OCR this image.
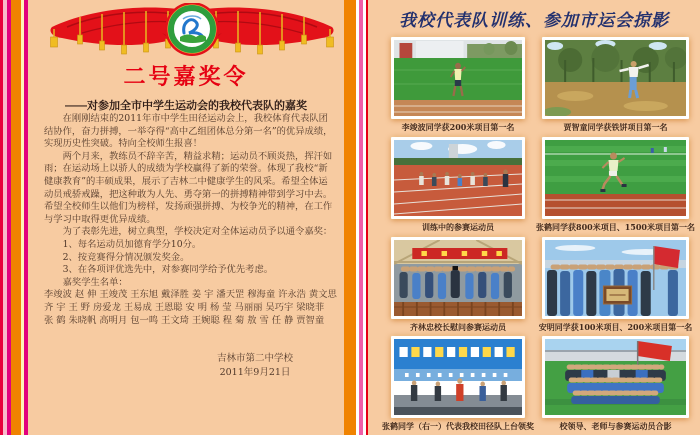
二号嘉奖令
——对参加全市中学生运动会的我校代表队的嘉奖

在刚刚结束的2011年市中学生田径运动会上，我校体育代表队团结协作，奋力拼搏，一举夺得“高中乙组团体总分第一名”的优异成绩，实现历史性突破。特向全校师生报喜！

两个月来，教练员不辞辛苦，精益求精；运动员不顾炎热，挥汗如雨；在运动场上以骄人的成绩为学校赢得了新的荣誉。体现了我校“新健康教育”的丰硕成果，展示了吉林二中健康学生的风采。希望全体运动员戒骄戒躁，把这种敢为人先、勇夺第一的拼搏精神带到学习中去。希望全校师生以他们为榜样，发扬顽强拼搏、为校争光的精神，在工作与学习中取得更优异成绩。

为了表彰先进，树立典型，学校决定对全体运动员予以通令嘉奖：

1、每名运动员加德育学分10分。

2、按竞赛得分情况颁发奖金。

3、在各项评优选先中，对参赛同学给予优先考虑。

嘉奖学生名单：

李竣波 赵 伸 王竣茂 王东旭 戴泽胜 姜 宇 潘天罡 穆海童 许永浩 黄文思

齐 宇 王 野 房爱龙 王易成 王恩聪 安 明 杨 莹 马丽丽 吴巧宇 梁晓菲

张 鹤 朱晓帆 高明月 包一鸣 王文琦 王婉聪 程 菊 敖 雪 任 静 贾智童

吉林市第二中学校
2011年9月21日
我校代表队训练、参加市运会掠影
李竣波同学获200米项目第一名	贾智童同学获铁饼项目第一名
训练中的参赛运动员	张鹤同学获800米项目、1500米项目第一名
齐林忠校长慰问参赛运动员	安明同学获100米项目、200米项目第一名
张鹤同学（右一）代表我校田径队上台领奖	校领导、老师与参赛运动员合影
